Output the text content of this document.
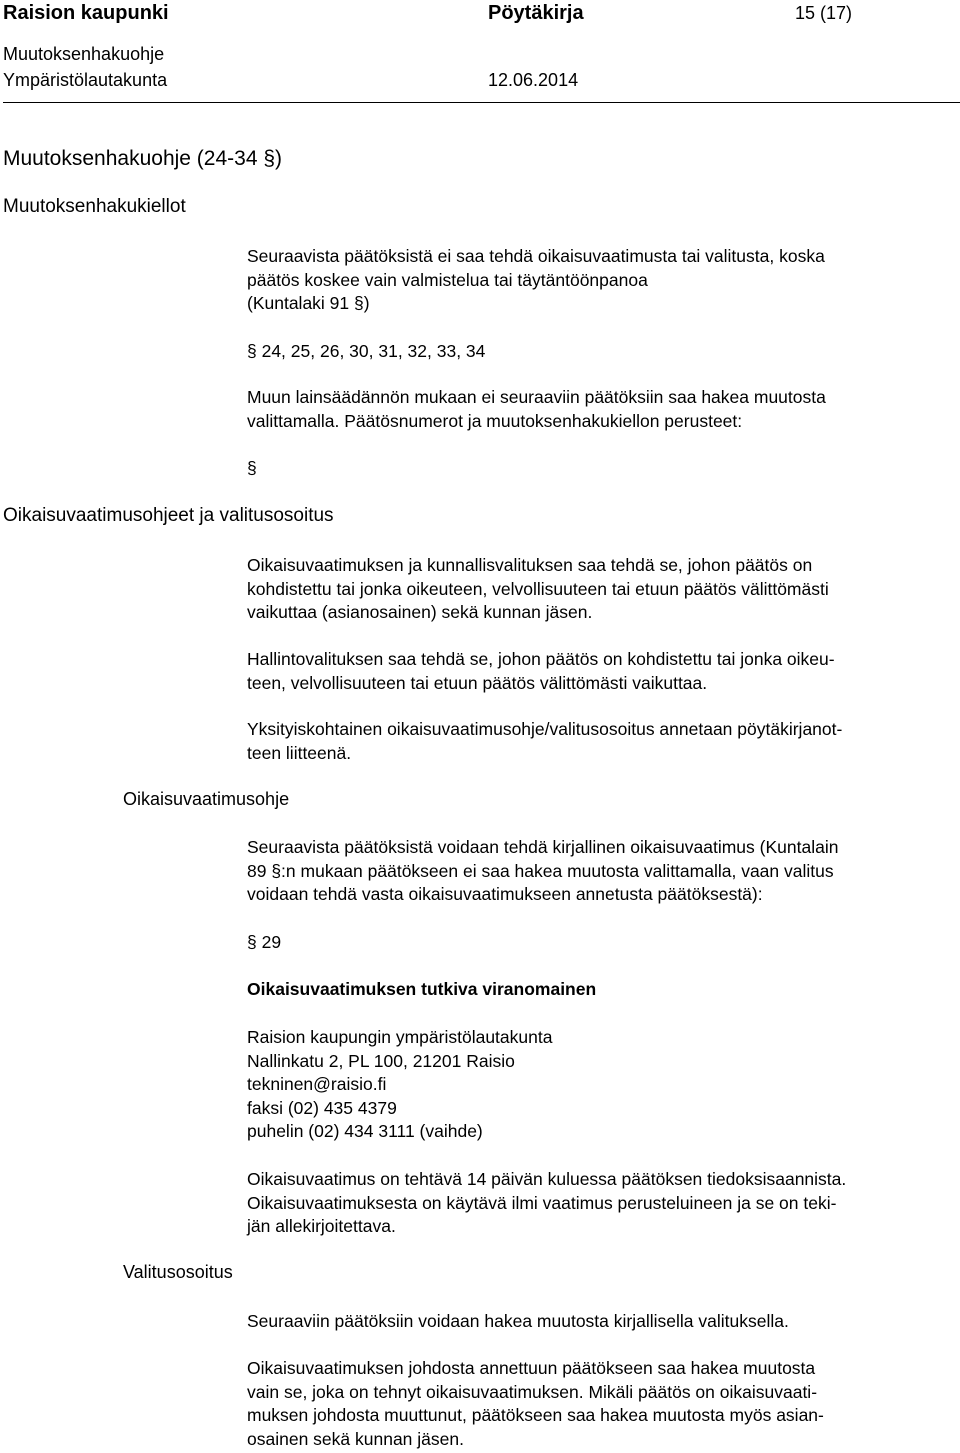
Raision kaupunki	Pöytäkirja	15 (17)
Muutoksenhakuohje
Ympäristölautakunta	12.06.2014
Muutoksenhakuohje (24-34 §)
Muutoksenhakukiellot
Seuraavista päätöksistä ei saa tehdä oikaisuvaatimusta tai valitusta, koska
päätös koskee vain valmistelua tai täytäntöönpanoa
(Kuntalaki 91 §)
§ 24, 25, 26, 30, 31, 32, 33, 34
Muun lainsäädännön mukaan ei seuraaviin päätöksiin saa hakea muutosta
valittamalla. Päätösnumerot ja muutoksenhakukiellon perusteet:
§
Oikaisuvaatimusohjeet ja valitusosoitus
Oikaisuvaatimuksen ja kunnallisvalituksen saa tehdä se, johon päätös on
kohdistettu tai jonka oikeuteen, velvollisuuteen tai etuun päätös välittömästi
vaikuttaa (asianosainen) sekä kunnan jäsen.
Hallintovalituksen saa tehdä se, johon päätös on kohdistettu tai jonka oikeu-
teen, velvollisuuteen tai etuun päätös välittömästi vaikuttaa.
Yksityiskohtainen oikaisuvaatimusohje/valitusosoitus annetaan pöytäkirjanot-
teen liitteenä.
Oikaisuvaatimusohje
Seuraavista päätöksistä voidaan tehdä kirjallinen oikaisuvaatimus (Kuntalain
89 §:n mukaan päätökseen ei saa hakea muutosta valittamalla, vaan valitus
voidaan tehdä vasta oikaisuvaatimukseen annetusta päätöksestä):
§ 29
Oikaisuvaatimuksen tutkiva viranomainen
Raision kaupungin ympäristölautakunta
Nallinkatu 2, PL 100, 21201 Raisio
tekninen@raisio.fi
faksi (02) 435 4379
puhelin (02) 434 3111 (vaihde)
Oikaisuvaatimus on tehtävä 14 päivän kuluessa päätöksen tiedoksisaannista.
Oikaisuvaatimuksesta on käytävä ilmi vaatimus perusteluineen ja se on teki-
jän allekirjoitettava.
Valitusosoitus
Seuraaviin päätöksiin voidaan hakea muutosta kirjallisella valituksella.
Oikaisuvaatimuksen johdosta annettuun päätökseen saa hakea muutosta
vain se, joka on tehnyt oikaisuvaatimuksen. Mikäli päätös on oikaisuvaati-
muksen johdosta muuttunut, päätökseen saa hakea muutosta myös asian-
osainen sekä kunnan jäsen.
